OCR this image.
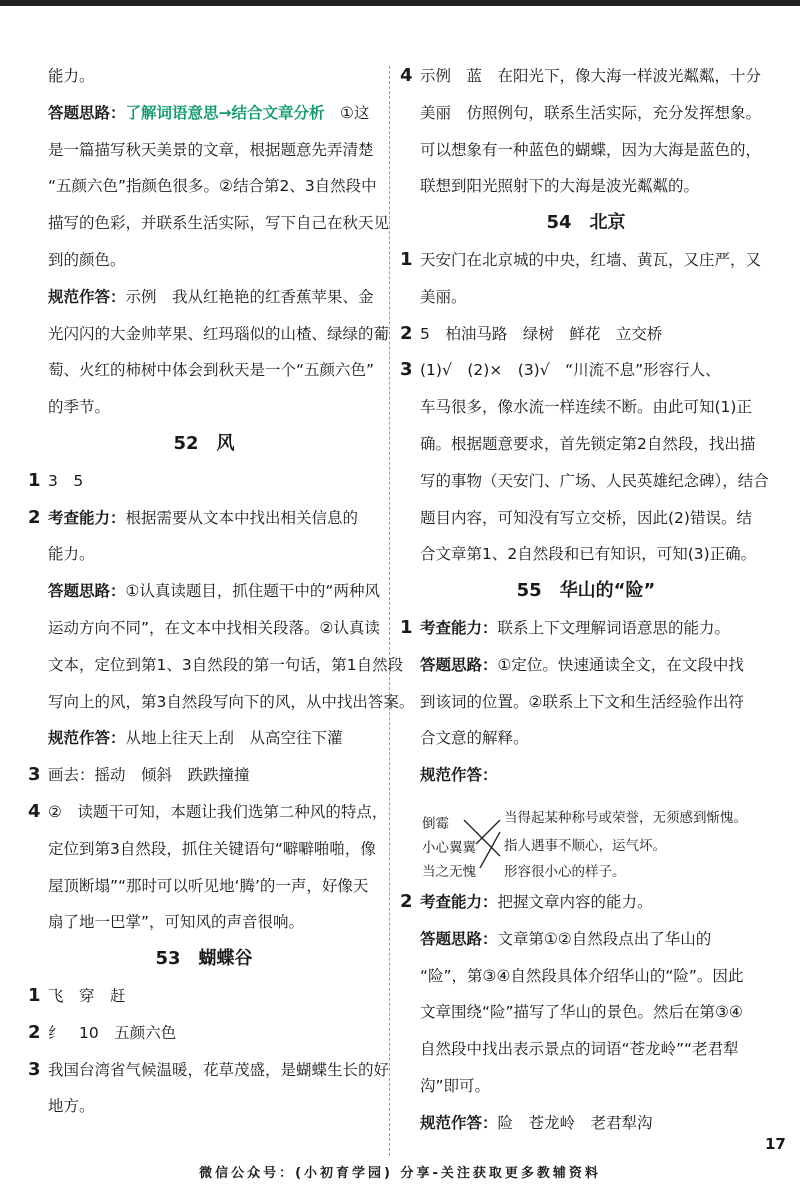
能力。
答题思路：了解词语意思→结合文章分析　 ①这
是一篇描写秋天美景的文章，根据题意先弄清楚
“五颜六色”指颜色很多。②结合第2、3自然段中
描写的色彩，并联系生活实际，写下自己在秋天见
到的颜色。
规范作答：示例　我从红艳艳的红香蕉苹果、金
光闪闪的大金帅苹果、红玛瑙似的山楂、绿绿的葡
萄、火红的柿树中体会到秋天是一个“五颜六色”
的季节。
52 风
1 3　5
2 考查能力：根据需要从文本中找出相关信息的
能力。
答题思路：①认真读题目，抓住题干中的“两种风
运动方向不同”，在文本中找相关段落。②认真读
文本，定位到第1、3自然段的第一句话，第1自然段
写向上的风，第3自然段写向下的风，从中找出答案。
规范作答：从地上往天上刮　从高空往下灌
3 画去：摇动　倾斜　跌跌撞撞
4 ②　读题干可知，本题让我们选第二种风的特点，
定位到第3自然段，抓住关键语句“噼噼啪啪，像
屋顶断塌”“那时可以听见地‘腾’的一声，好像天
扇了地一巴掌”，可知风的声音很响。
53 蝴蝶谷
1 飞　穿　赶
2 纟　10　五颜六色
3 我国台湾省气候温暖，花草茂盛，是蝴蝶生长的好
地方。
4 示例　蓝　在阳光下，像大海一样波光粼粼，十分
美丽　仿照例句，联系生活实际，充分发挥想象。
可以想象有一种蓝色的蝴蝶，因为大海是蓝色的，
联想到阳光照射下的大海是波光粼粼的。
54 北京
1 天安门在北京城的中央，红墙、黄瓦，又庄严，又
美丽。
2 5　柏油马路　绿树　鲜花　立交桥
3 (1)√　(2)×　(3)√　“川流不息”形容行人、
车马很多，像水流一样连续不断。由此可知(1)正
确。根据题意要求，首先锁定第2自然段，找出描
写的事物（天安门、广场、人民英雄纪念碑），结合
题目内容，可知没有写立交桥，因此(2)错误。结
合文章第1、2自然段和已有知识，可知(3)正确。
55 华山的“险”
1 考查能力：联系上下文理解词语意思的能力。
答题思路：①定位。快速通读全文，在文段中找
到该词的位置。②联系上下文和生活经验作出符
合文意的解释。
规范作答：
倒霉
小心翼翼
当之无愧
当得起某种称号或荣誉，无须感到惭愧。
指人遇事不顺心，运气坏。
形容很小心的样子。
2 考查能力：把握文章内容的能力。
答题思路：文章第①②自然段点出了华山的
“险”，第③④自然段具体介绍华山的“险”。因此
文章围绕“险”描写了华山的景色。然后在第③④
自然段中找出表示景点的词语“苍龙岭”“老君犁
沟”即可。
规范作答：险　苍龙岭　老君犁沟
17
微信公众号：(小初育学园) 分享-关注获取更多教辅资料
